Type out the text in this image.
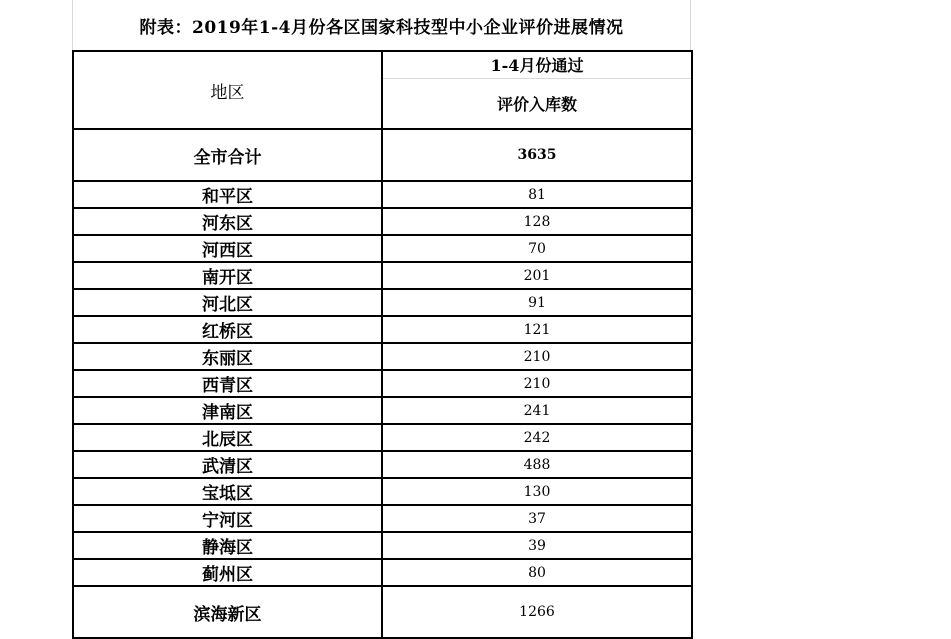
附表：2019年1-4月份各区国家科技型中小企业评价进展情况
地区	1-4月份通过
	评价入库数
全市合计	3635
和平区	81
河东区	128
河西区	70
南开区	201
河北区	91
红桥区	121
东丽区	210
西青区	210
津南区	241
北辰区	242
武清区	488
宝坻区	130
宁河区	37
静海区	39
蓟州区	80
滨海新区	1266
